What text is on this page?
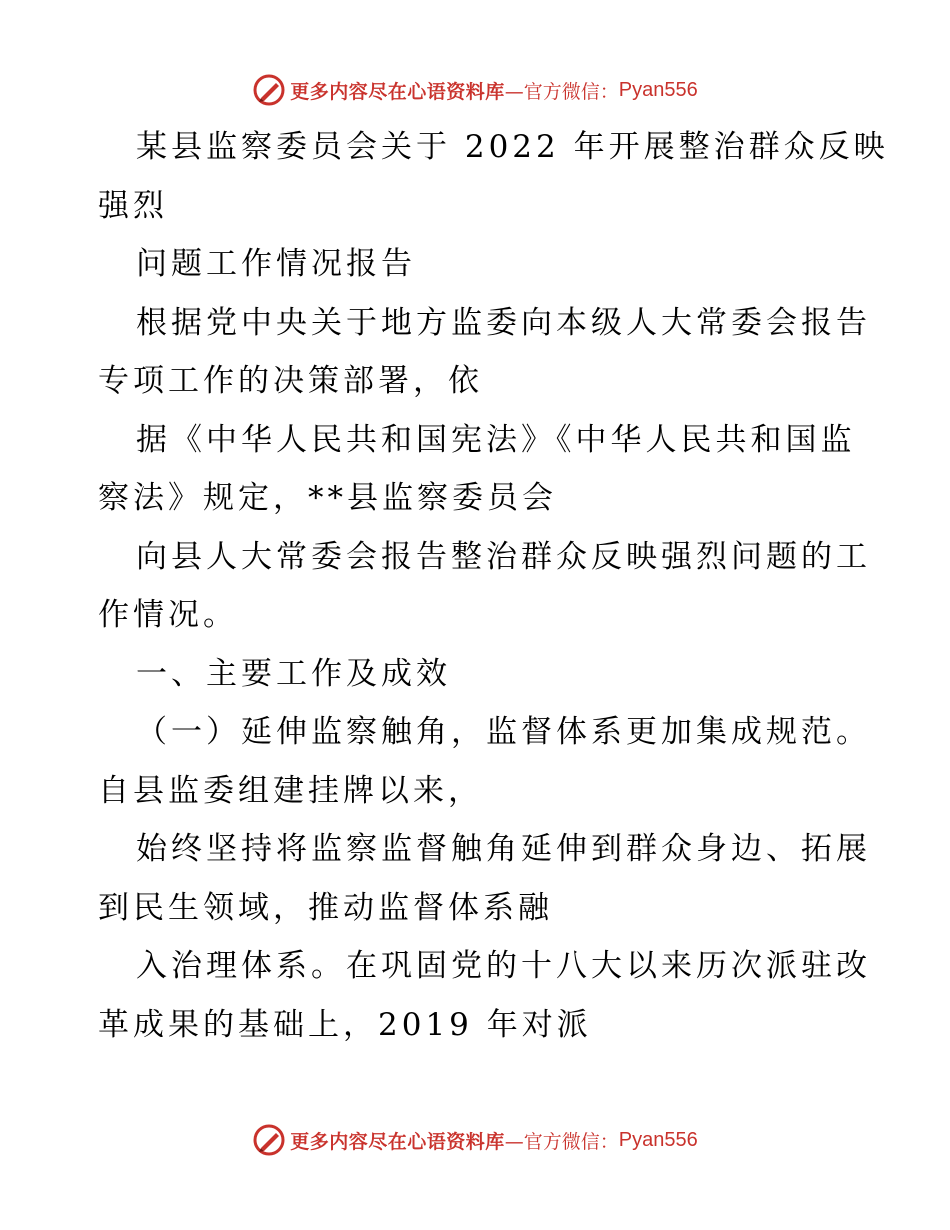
更多内容尽在心语资料库 —官方微信： Pyan556
某县监察委员会关于 2022 年开展整治群众反映
强烈
问题工作情况报告
根据党中央关于地方监委向本级人大常委会报告
专项工作的决策部署，依
据《中华人民共和国宪法》《中华人民共和国监
察法》规定，**县监察委员会
向县人大常委会报告整治群众反映强烈问题的工
作情况。
一、主要工作及成效
（一）延伸监察触角，监督体系更加集成规范。
自县监委组建挂牌以来，
始终坚持将监察监督触角延伸到群众身边、拓展
到民生领域，推动监督体系融
入治理体系。在巩固党的十八大以来历次派驻改
革成果的基础上，2019 年对派
更多内容尽在心语资料库 —官方微信： Pyan556
